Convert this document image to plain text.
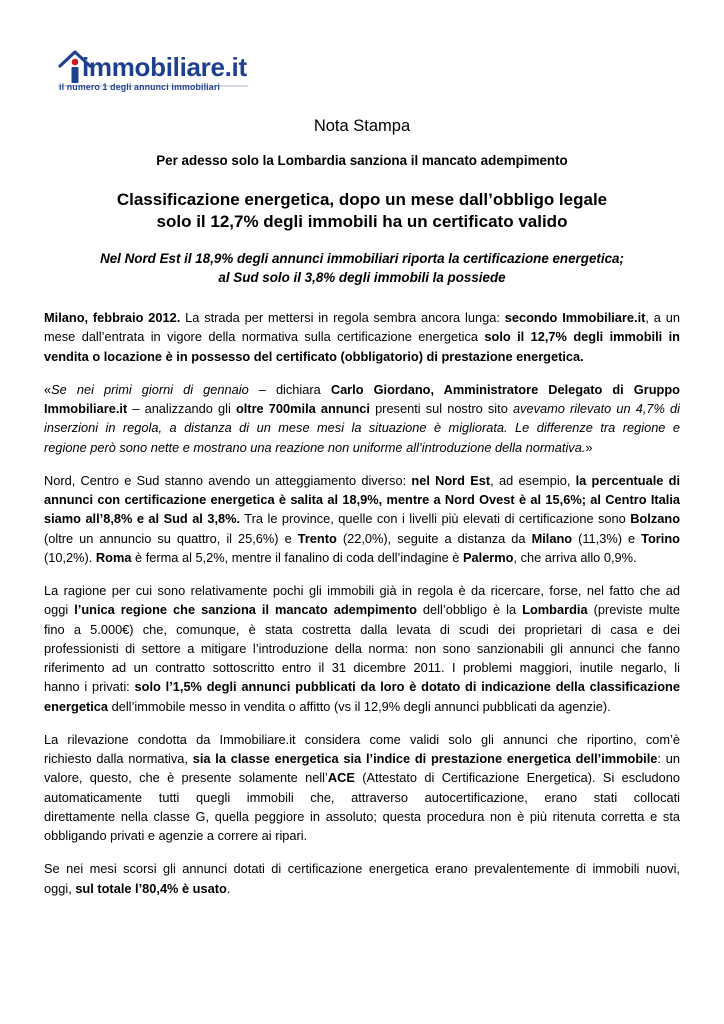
immobiliare.it
il numero 1 degli annunci immobiliari
Nota Stampa
Per adesso solo la Lombardia sanziona il mancato adempimento
Classificazione energetica, dopo un mese dall’obbligo legale
solo il 12,7% degli immobili ha un certificato valido
Nel Nord Est il 18,9% degli annunci immobiliari riporta la certificazione energetica;
al Sud solo il 3,8% degli immobili la possiede
Milano, febbraio 2012. La strada per mettersi in regola sembra ancora lunga: secondo Immobiliare.it, a un
mese dall’entrata in vigore della normativa sulla certificazione energetica solo il 12,7% degli immobili in
vendita o locazione è in possesso del certificato (obbligatorio) di prestazione energetica.
«Se nei primi giorni di gennaio – dichiara Carlo Giordano, Amministratore Delegato di Gruppo
Immobiliare.it – analizzando gli oltre 700mila annunci presenti sul nostro sito avevamo rilevato un 4,7% di
inserzioni in regola, a distanza di un mese mesi la situazione è migliorata. Le differenze tra regione e
regione però sono nette e mostrano una reazione non uniforme all’introduzione della normativa.»
Nord, Centro e Sud stanno avendo un atteggiamento diverso: nel Nord Est, ad esempio, la percentuale di
annunci con certificazione energetica è salita al 18,9%, mentre a Nord Ovest è al 15,6%; al Centro Italia
siamo all’8,8% e al Sud al 3,8%. Tra le province, quelle con i livelli più elevati di certificazione sono Bolzano
(oltre un annuncio su quattro, il 25,6%) e Trento (22,0%), seguite a distanza da Milano (11,3%) e Torino
(10,2%). Roma è ferma al 5,2%, mentre il fanalino di coda dell’indagine è Palermo, che arriva allo 0,9%.
La ragione per cui sono relativamente pochi gli immobili già in regola è da ricercare, forse, nel fatto che ad
oggi l’unica regione che sanziona il mancato adempimento dell’obbligo è la Lombardia (previste multe
fino a 5.000€) che, comunque, è stata costretta dalla levata di scudi dei proprietari di casa e dei
professionisti di settore a mitigare l’introduzione della norma: non sono sanzionabili gli annunci che fanno
riferimento ad un contratto sottoscritto entro il 31 dicembre 2011. I problemi maggiori, inutile negarlo, li
hanno i privati: solo l’1,5% degli annunci pubblicati da loro è dotato di indicazione della classificazione
energetica dell’immobile messo in vendita o affitto (vs il 12,9% degli annunci pubblicati da agenzie).
La rilevazione condotta da Immobiliare.it considera come validi solo gli annunci che riportino, com’è
richiesto dalla normativa, sia la classe energetica sia l’indice di prestazione energetica dell’immobile: un
valore, questo, che è presente solamente nell’ACE (Attestato di Certificazione Energetica). Si escludono
automaticamente tutti quegli immobili che, attraverso autocertificazione, erano stati collocati
direttamente nella classe G, quella peggiore in assoluto; questa procedura non è più ritenuta corretta e sta
obbligando privati e agenzie a correre ai ripari.
Se nei mesi scorsi gli annunci dotati di certificazione energetica erano prevalentemente di immobili nuovi,
oggi, sul totale l’80,4% è usato.
